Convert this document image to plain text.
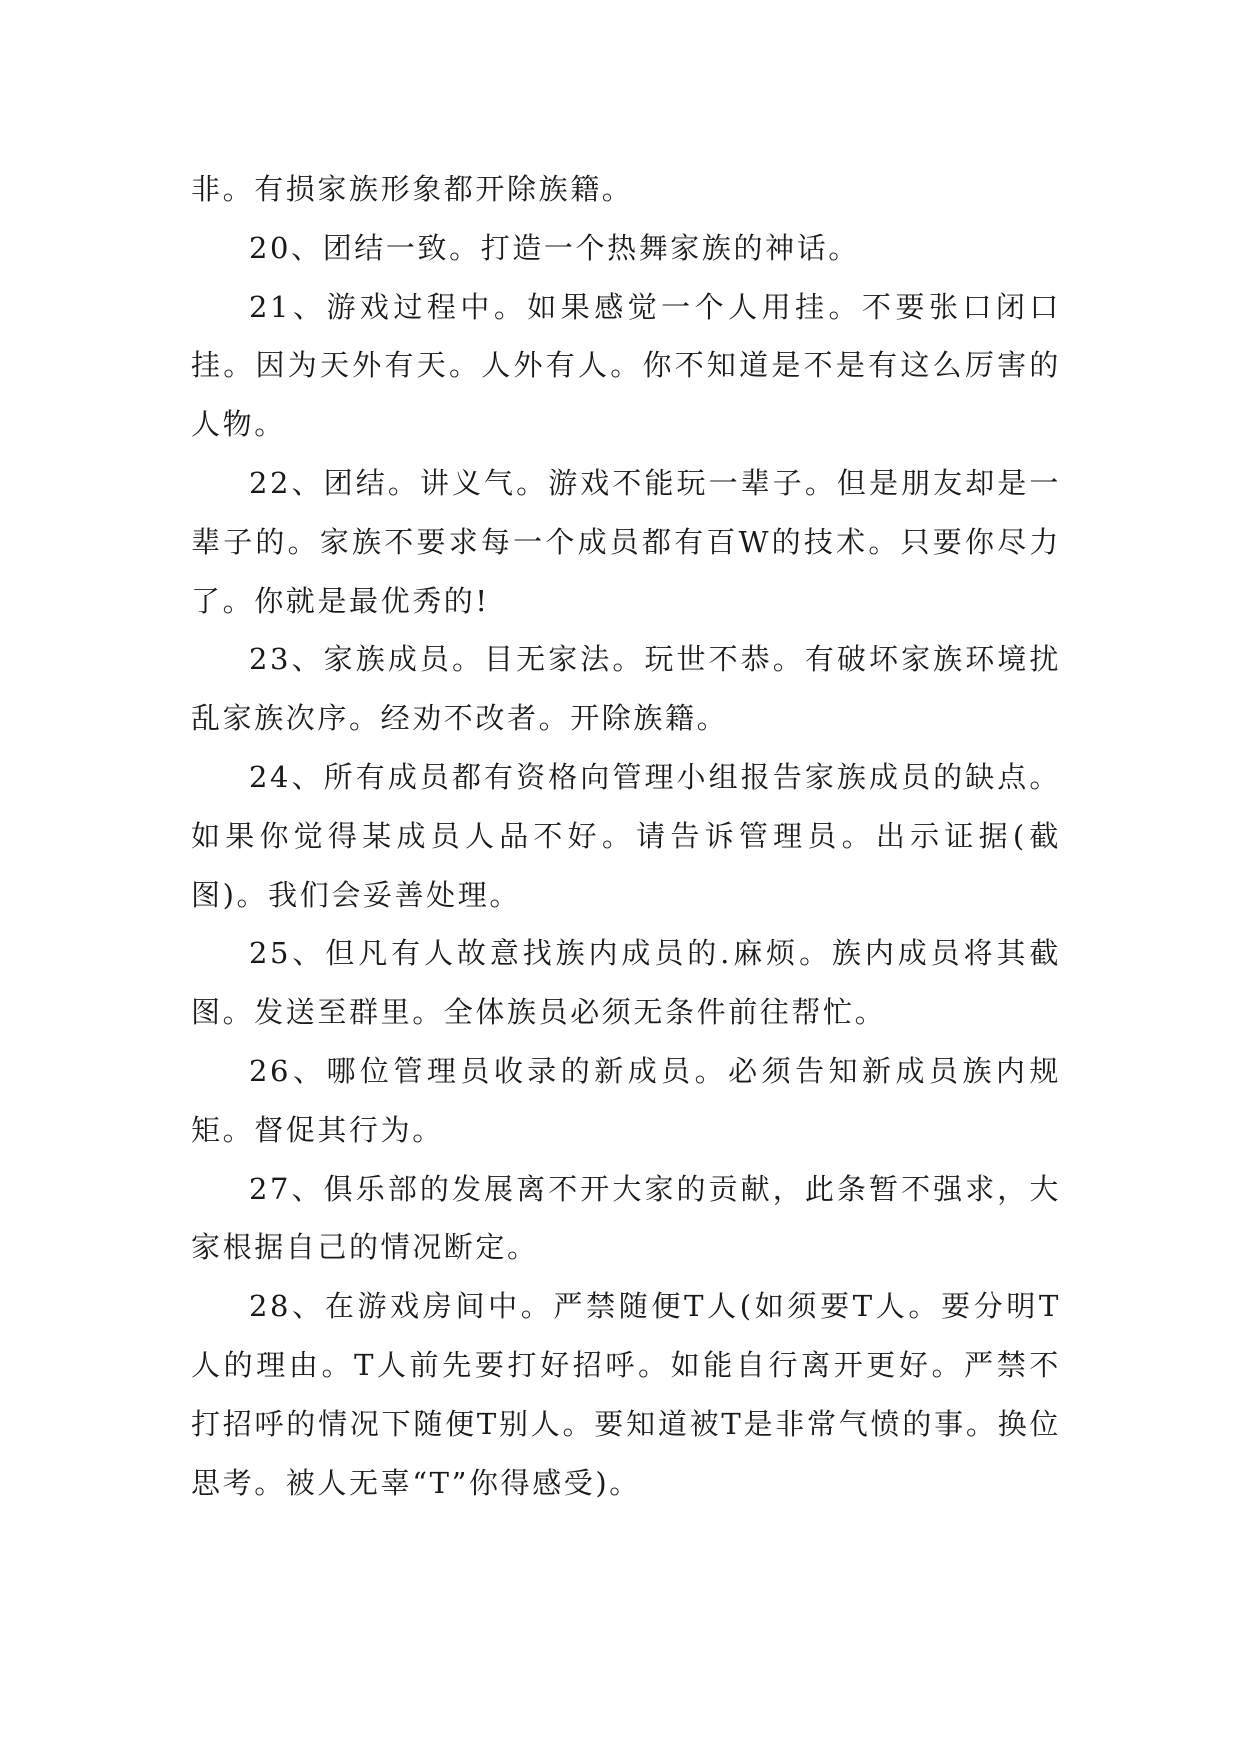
非。有损家族形象都开除族籍。

20、团结一致。打造一个热舞家族的神话。

21、游戏过程中。如果感觉一个人用挂。不要张口闭口挂。因为天外有天。人外有人。你不知道是不是有这么厉害的人物。

22、团结。讲义气。游戏不能玩一辈子。但是朋友却是一辈子的。家族不要求每一个成员都有百W的技术。只要你尽力了。你就是最优秀的!

23、家族成员。目无家法。玩世不恭。有破坏家族环境扰乱家族次序。经劝不改者。开除族籍。

24、所有成员都有资格向管理小组报告家族成员的缺点。如果你觉得某成员人品不好。请告诉管理员。出示证据(截图)。我们会妥善处理。

25、但凡有人故意找族内成员的.麻烦。族内成员将其截图。发送至群里。全体族员必须无条件前往帮忙。

26、哪位管理员收录的新成员。必须告知新成员族内规矩。督促其行为。

27、俱乐部的发展离不开大家的贡献，此条暂不强求，大家根据自己的情况断定。

28、在游戏房间中。严禁随便T人(如须要T人。要分明T人的理由。T人前先要打好招呼。如能自行离开更好。严禁不打招呼的情况下随便T别人。要知道被T是非常气愤的事。换位思考。被人无辜“T”你得感受)。
